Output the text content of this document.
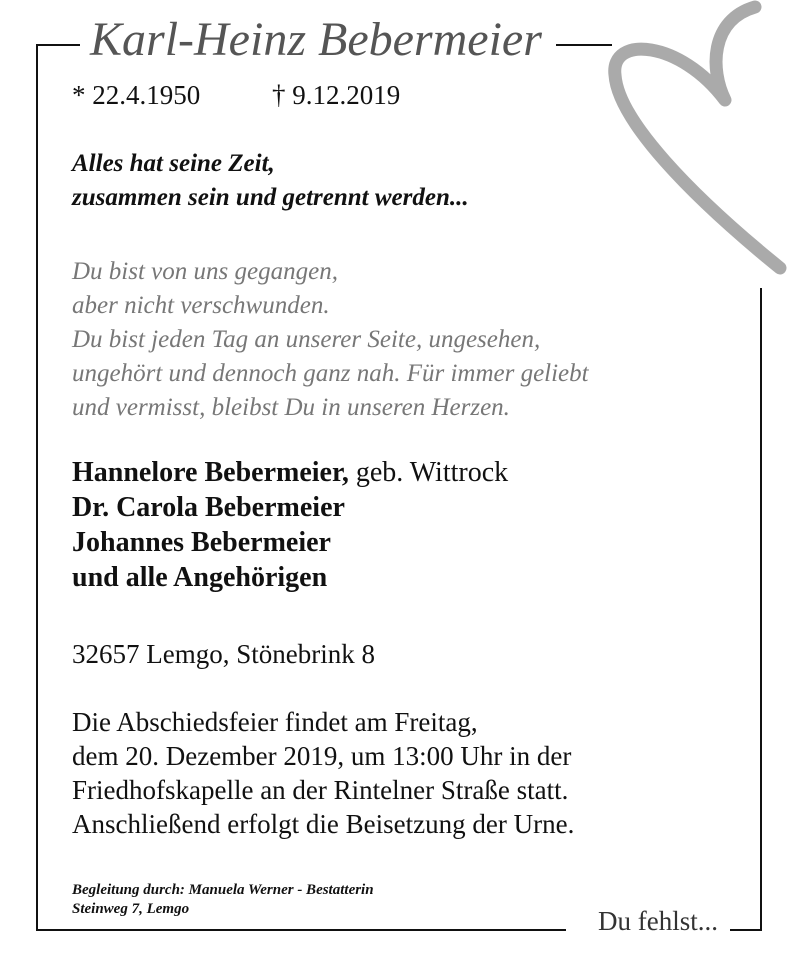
Karl-Heinz Bebermeier
* 22.4.1950	† 9.12.2019

Alles hat seine Zeit,
zusammen sein und getrennt werden...

Du bist von uns gegangen,
aber nicht verschwunden.
Du bist jeden Tag an unserer Seite, ungesehen,
ungehört und dennoch ganz nah. Für immer geliebt
und vermisst, bleibst Du in unseren Herzen.

Hannelore Bebermeier, geb. Wittrock
Dr. Carola Bebermeier
Johannes Bebermeier
und alle Angehörigen
32657 Lemgo, Stönebrink 8
Die Abschiedsfeier findet am Freitag,
dem 20. Dezember 2019, um 13:00 Uhr in der
Friedhofskapelle an der Rintelner Straße statt.
Anschließend erfolgt die Beisetzung der Urne.
Begleitung durch: Manuela Werner - Bestatterin
Steinweg 7, Lemgo	Du fehlst...
